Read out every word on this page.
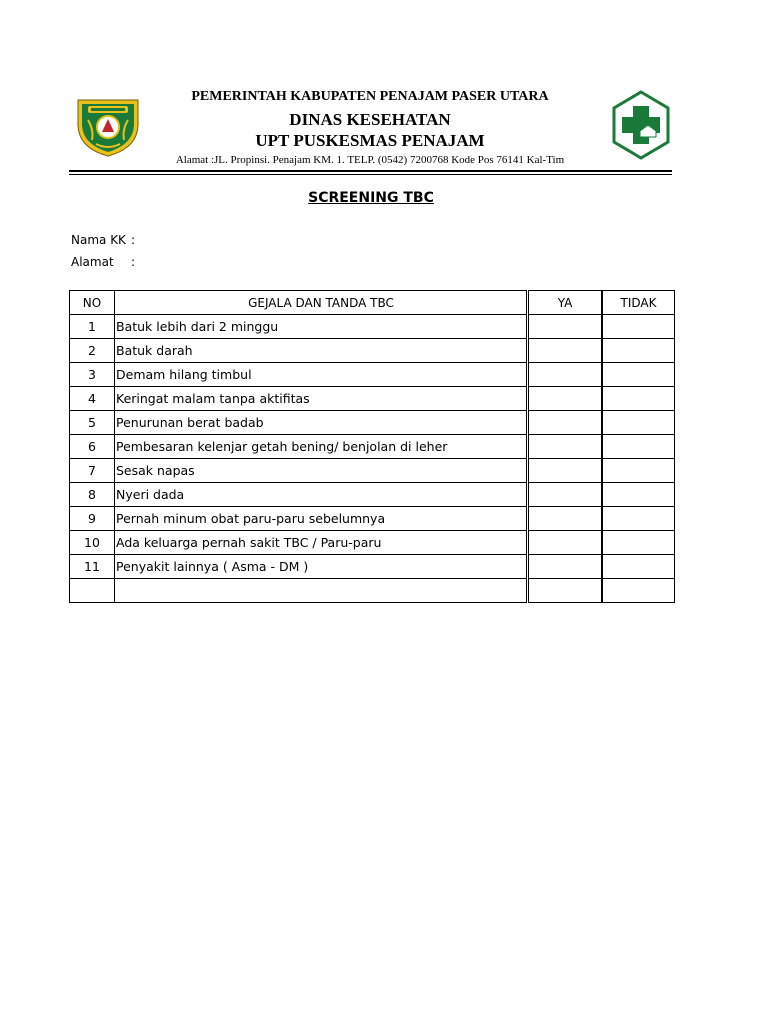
PEMERINTAH KABUPATEN PENAJAM PASER UTARA
DINAS KESEHATAN
UPT PUSKESMAS PENAJAM
Alamat :JL. Propinsi. Penajam KM. 1. TELP. (0542) 7200768 Kode Pos 76141 Kal-Tim
SCREENING TBC
Nama KK :
Alamat :
NO	GEJALA DAN TANDA TBC	YA	TIDAK
1	Batuk lebih dari 2 minggu		
2	Batuk darah		
3	Demam hilang timbul		
4	Keringat malam tanpa aktifitas		
5	Penurunan berat badab		
6	Pembesaran kelenjar getah bening/ benjolan di leher		
7	Sesak napas		
8	Nyeri dada		
9	Pernah minum obat paru-paru sebelumnya		
10	Ada keluarga pernah sakit TBC / Paru-paru		
11	Penyakit lainnya ( Asma - DM )		
